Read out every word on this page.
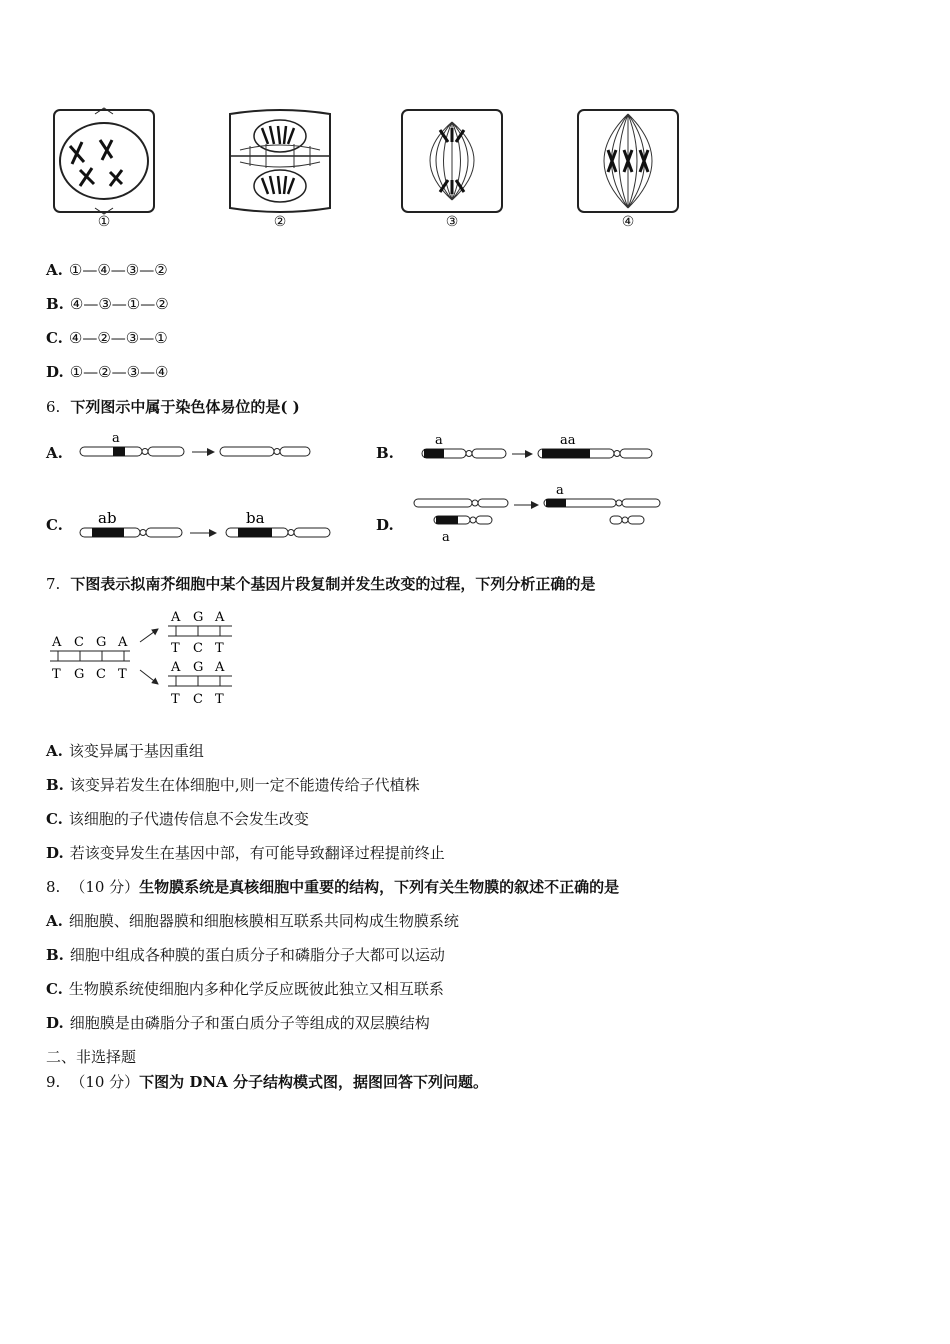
①	②	③	④
A. ①—④—③—②
B. ④—③—①—②
C. ④—②—③—①
D. ①—②—③—④
6. 下列图示中属于染色体易位的是( )
A.	B.
C.	D.
a	a	aa
ab	ba
a
a
7. 下图表示拟南芥细胞中某个基因片段复制并发生改变的过程，下列分析正确的是
A C G A
T G C T
A G A
T C T
A G A
T C T
A. 该变异属于基因重组
B. 该变异若发生在体细胞中,则一定不能遗传给子代植株
C. 该细胞的子代遗传信息不会发生改变
D. 若该变异发生在基因中部，有可能导致翻译过程提前终止
8. （10 分）生物膜系统是真核细胞中重要的结构，下列有关生物膜的叙述不正确的是
A. 细胞膜、细胞器膜和细胞核膜相互联系共同构成生物膜系统
B. 细胞中组成各种膜的蛋白质分子和磷脂分子大都可以运动
C. 生物膜系统使细胞内多种化学反应既彼此独立又相互联系
D. 细胞膜是由磷脂分子和蛋白质分子等组成的双层膜结构
二、非选择题
9. （10 分）下图为 DNA 分子结构模式图，据图回答下列问题。
